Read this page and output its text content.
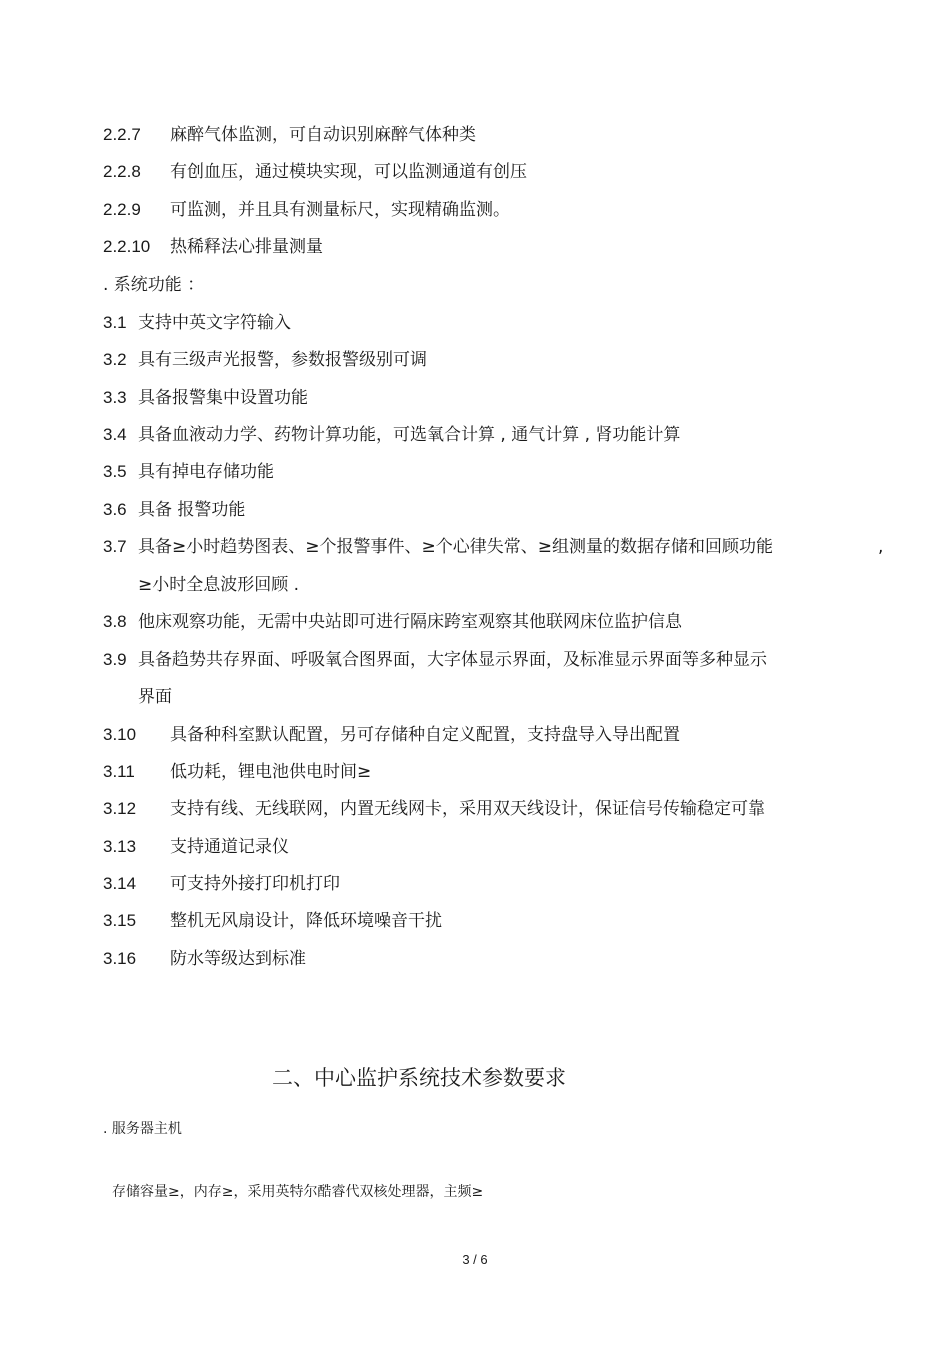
2.2.7 麻醉气体监测，可自动识别麻醉气体种类
2.2.8 有创血压，通过模块实现，可以监测通道有创压
2.2.9 可监测，并且具有测量标尺，实现精确监测。
2.2.10 热稀释法心排量测量
. 系统功能 ：
3.1 支持中英文字符输入
3.2 具有三级声光报警，参数报警级别可调
3.3 具备报警集中设置功能
3.4 具备血液动力学、药物计算功能，可选氧合计算 , 通气计算 , 肾功能计算
3.5 具有掉电存储功能
3.6 具备 报警功能
3.7 具备≥小时趋势图表、≥个报警事件、≥个心律失常、≥组测量的数据存储和回顾功能	,
≥小时全息波形回顾 .
3.8 他床观察功能，无需中央站即可进行隔床跨室观察其他联网床位监护信息
3.9 具备趋势共存界面、呼吸氧合图界面，大字体显示界面，及标准显示界面等多种显示
界面
3.10 具备种科室默认配置，另可存储种自定义配置，支持盘导入导出配置
3.11 低功耗，锂电池供电时间≥
3.12 支持有线、无线联网，内置无线网卡，采用双天线设计，保证信号传输稳定可靠
3.13 支持通道记录仪
3.14 可支持外接打印机打印
3.15 整机无风扇设计，降低环境噪音干扰
3.16 防水等级达到标准
二、中心监护系统技术参数要求
. 服务器主机
存储容量≥，内存≥，采用英特尔酷睿代双核处理器，主频≥
3 / 6
